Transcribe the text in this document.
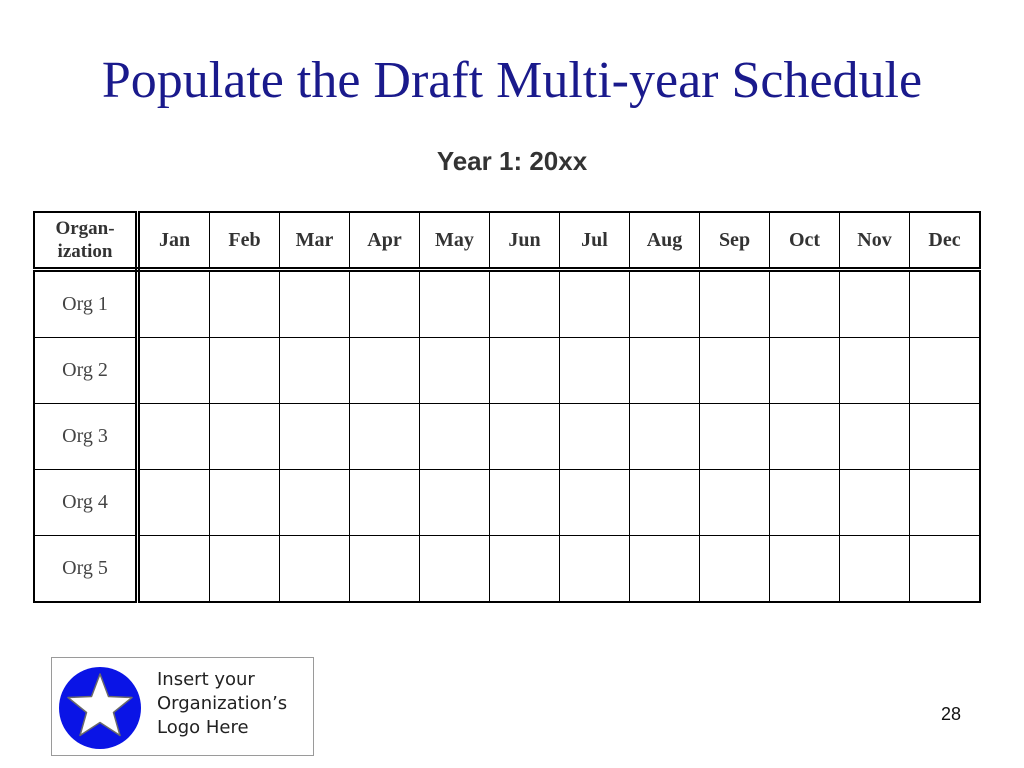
Populate the Draft Multi-year Schedule
Year 1: 20xx
Organ-
ization	Jan	Feb	Mar	Apr	May	Jun	Jul	Aug	Sep	Oct	Nov	Dec
Org 1												
Org 2												
Org 3												
Org 4												
Org 5												
Insert your
Organization’s
Logo Here
28
